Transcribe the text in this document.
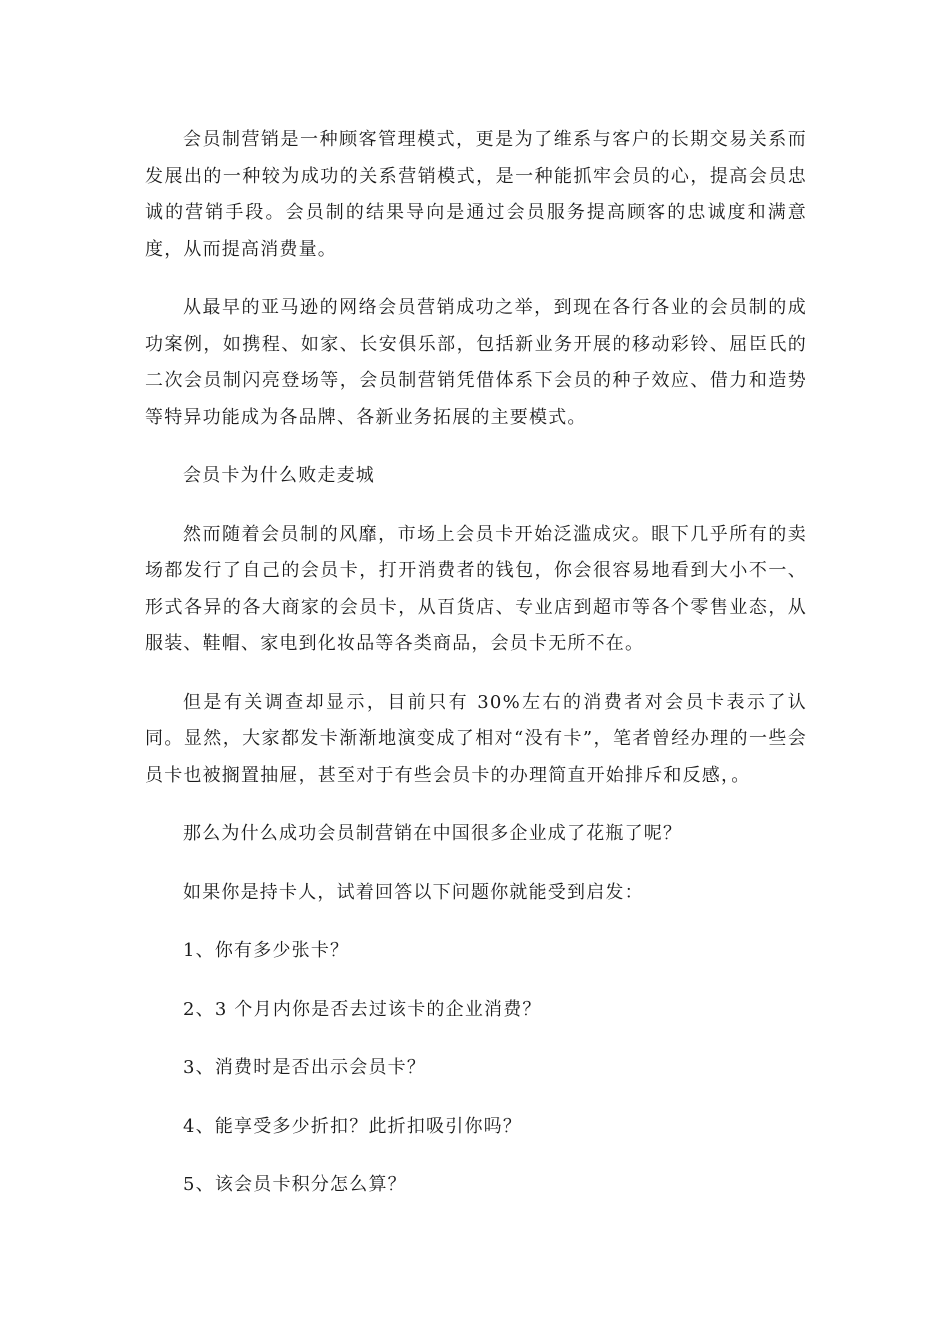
会员制营销是一种顾客管理模式，更是为了维系与客户的长期交易关系而发展出的一种较为成功的关系营销模式，是一种能抓牢会员的心，提高会员忠诚的营销手段。会员制的结果导向是通过会员服务提高顾客的忠诚度和满意度，从而提高消费量。

从最早的亚马逊的网络会员营销成功之举，到现在各行各业的会员制的成功案例，如携程、如家、长安俱乐部，包括新业务开展的移动彩铃、屈臣氏的二次会员制闪亮登场等，会员制营销凭借体系下会员的种子效应、借力和造势等特异功能成为各品牌、各新业务拓展的主要模式。

会员卡为什么败走麦城

然而随着会员制的风靡，市场上会员卡开始泛滥成灾。眼下几乎所有的卖场都发行了自己的会员卡，打开消费者的钱包，你会很容易地看到大小不一、形式各异的各大商家的会员卡，从百货店、专业店到超市等各个零售业态，从服装、鞋帽、家电到化妆品等各类商品，会员卡无所不在。

但是有关调查却显示，目前只有 30%左右的消费者对会员卡表示了认同。显然，大家都发卡渐渐地演变成了相对“没有卡”，笔者曾经办理的一些会员卡也被搁置抽屉，甚至对于有些会员卡的办理简直开始排斥和反感，。

那么为什么成功会员制营销在中国很多企业成了花瓶了呢？

如果你是持卡人，试着回答以下问题你就能受到启发：

1、你有多少张卡？

2、3 个月内你是否去过该卡的企业消费？

3、消费时是否出示会员卡？

4、能享受多少折扣？此折扣吸引你吗？

5、该会员卡积分怎么算？
